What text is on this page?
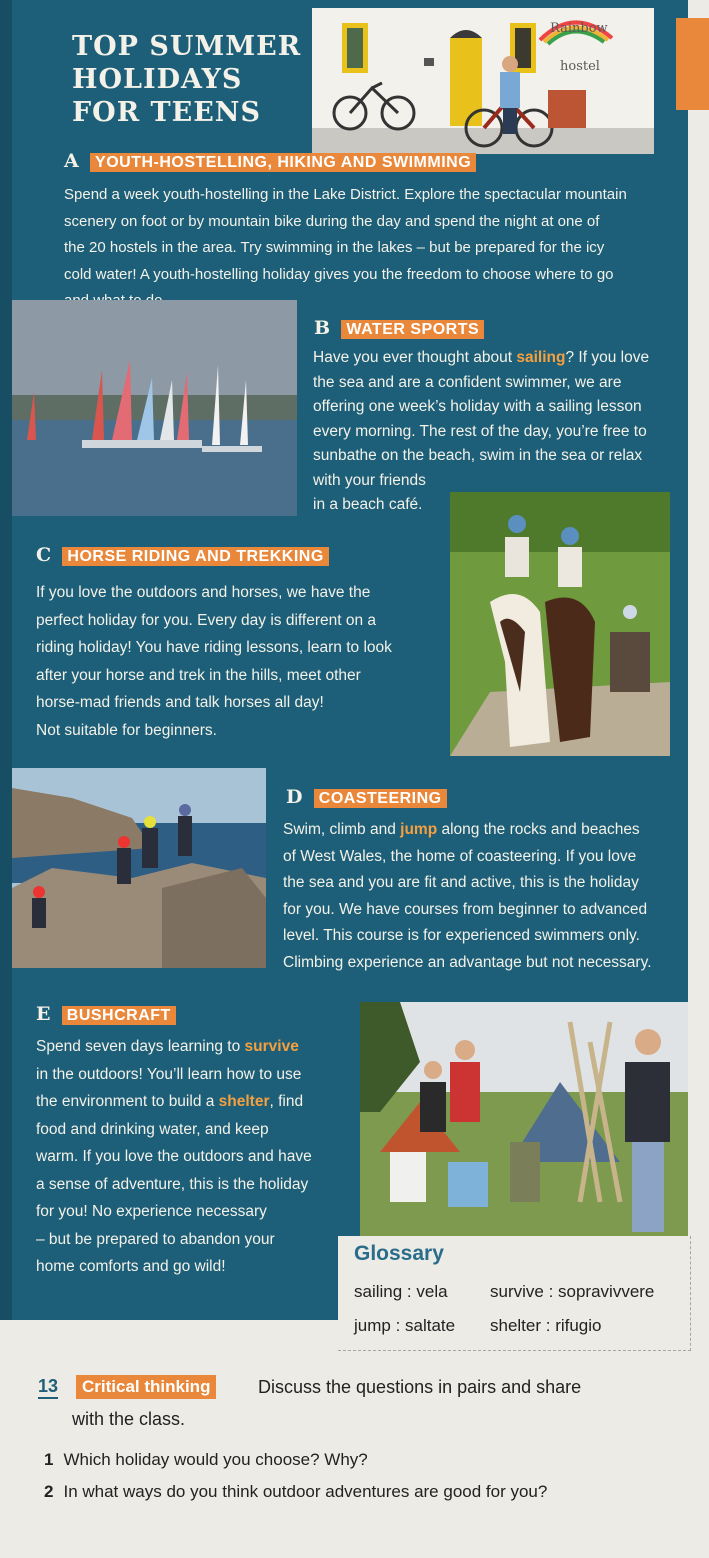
TOP SUMMER
HOLIDAYS
FOR TEENS
Rainbow
hostel
A YOUTH-HOSTELLING, HIKING AND SWIMMING
Spend a week youth-hostelling in the Lake District. Explore the spectacular mountain
scenery on foot or by mountain bike during the day and spend the night at one of
the 20 hostels in the area. Try swimming in the lakes – but be prepared for the icy
cold water! A youth-hostelling holiday gives you the freedom to choose where to go
B WATER SPORTS
Have you ever thought about sailing? If you love
the sea and are a confident swimmer, we are
offering one week’s holiday with a sailing lesson
every morning. The rest of the day, you’re free to
sunbathe on the beach, swim in the sea or relax
with your friends
in a beach café.
C HORSE RIDING AND TREKKING
If you love the outdoors and horses, we have the
perfect holiday for you. Every day is different on a
riding holiday! You have riding lessons, learn to look
after your horse and trek in the hills, meet other
horse-mad friends and talk horses all day!
Not suitable for beginners.
D COASTEERING
Swim, climb and jump along the rocks and beaches
of West Wales, the home of coasteering. If you love
the sea and you are fit and active, this is the holiday
for you. We have courses from beginner to advanced
level. This course is for experienced swimmers only.
Climbing experience an advantage but not necessary.
E BUSHCRAFT
Spend seven days learning to survive
in the outdoors! You’ll learn how to use
the environment to build a shelter, find
food and drinking water, and keep
warm. If you love the outdoors and have
a sense of adventure, this is the holiday
for you! No experience necessary
– but be prepared to abandon your
home comforts and go wild!
Glossary
sailing : vela survive : sopravivvere
jump : saltate shelter : rifugio
13	Critical thinking	Discuss the questions in pairs and share
with the class.
1 Which holiday would you choose? Why?
2 In what ways do you think outdoor adventures are good for you?
